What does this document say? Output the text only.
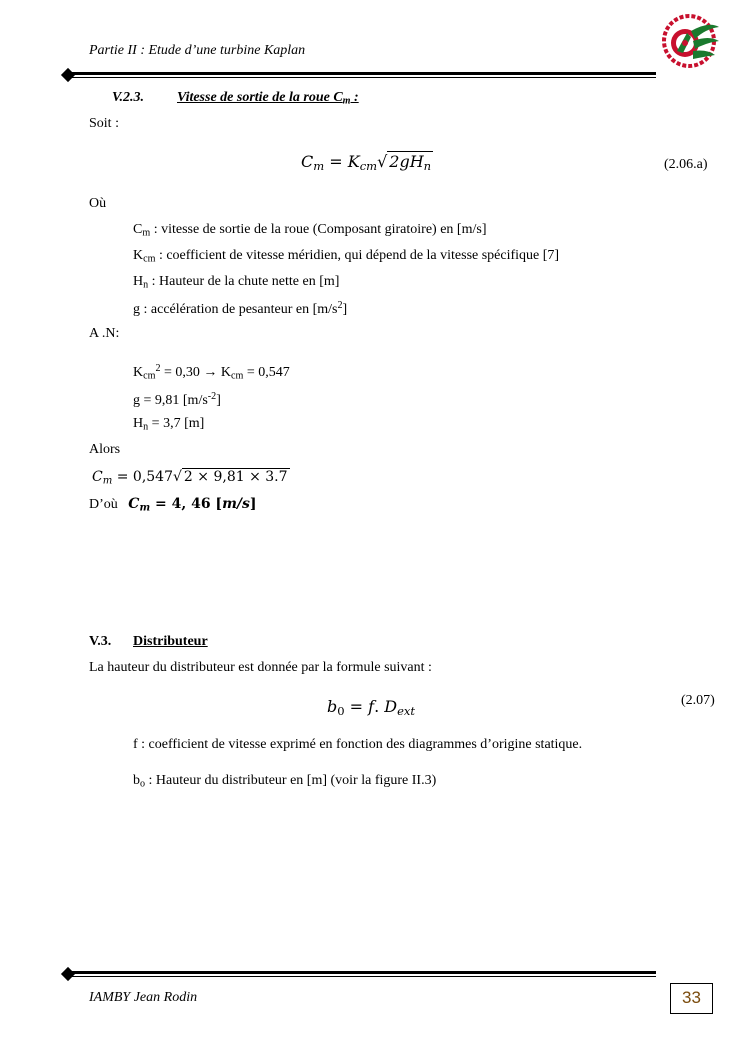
Partie II : Etude d’une turbine Kaplan
V.2.3. Vitesse de sortie de la roue $C_m$ :
Soit :
$C_m = K_{cm}√$ $2gH_n$	(2.06.a)
Où
$C_m$ : vitesse de sortie de la roue (Composant giratoire) en [m/s]
$K_{cm}$ : coefficient de vitesse méridien, qui dépend de la vitesse spécifique [7]
$H_n$ : Hauteur de la chute nette en [m]
g : accélération de pesanteur en $[m/s^2]$
A .N:
$K_{cm}^2 = 0,30 \to K_{cm} = 0,547$
g = 9,81 $[m/s^{-2}]$
$H_n = 3,7$ [m]
Alors
$C_m = 0,547√$ 2 × 9,81 × 3.7
D’où $C_m = 4$, 46 [m/s]
V.3. Distributeur
La hauteur du distributeur est donnée par la formule suivant :
$b_0 = f$. $D_{ext}$
(2.07)
f : coefficient de vitesse exprimé en fonction des diagrammes d’origine statique.
$b_o$ : Hauteur du distributeur en [m] (voir la figure II.3)
IAMBY Jean Rodin	33
